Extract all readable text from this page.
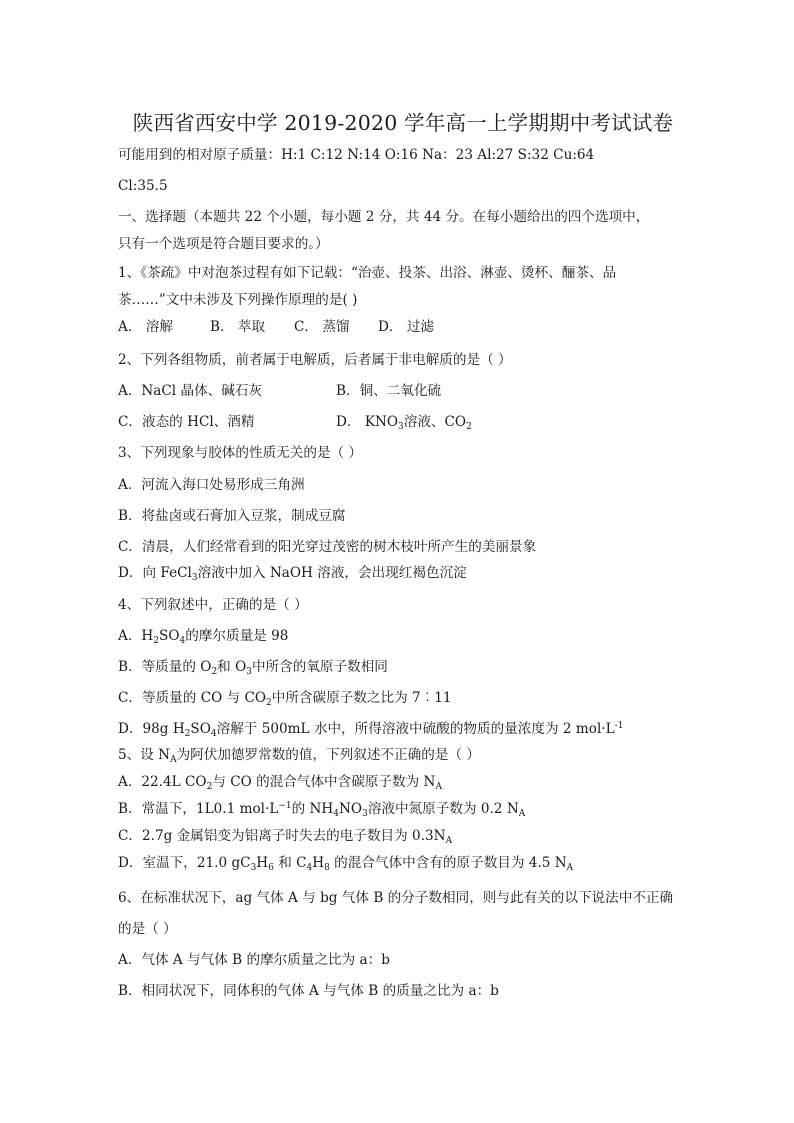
陕西省西安中学 2019-2020 学年高一上学期期中考试试卷
可能用到的相对原子质量：H:1 C:12 N:14 O:16 Na：23 Al:27 S:32 Cu:64
Cl:35.5
一、选择题（本题共 22 个小题，每小题 2 分，共 44 分。在每小题给出的四个选项中，
只有一个选项是符合题目要求的。）
1、《茶疏》中对泡茶过程有如下记载：“治壶、投茶、出浴、淋壶、烫杯、酾茶、品
茶……”文中未涉及下列操作原理的是( )
A． 溶解	B． 萃取 C． 蒸馏 D． 过滤
2、下列各组物质，前者属于电解质，后者属于非电解质的是（ ）
A．NaCl 晶体、碱石灰	B．铜、二氧化硫
C．液态的 HCl、酒精	D． $KNO_3$溶液、$CO_2$
3、下列现象与胶体的性质无关的是（ ）
A．河流入海口处易形成三角洲
B．将盐卤或石膏加入豆浆，制成豆腐
C．清晨，人们经常看到的阳光穿过茂密的树木枝叶所产生的美丽景象
D．向 FeCl$_3$溶液中加入 NaOH 溶液，会出现红褐色沉淀
4、下列叙述中，正确的是（ ）
A．$H_2SO_4$的摩尔质量是 98
B．等质量的 $O_2$和 $O_3$中所含的氧原子数相同
C．等质量的 CO 与 $CO_2$中所含碳原子数之比为 7︰11
D．98g $H_2SO_4$溶解于 500mL 水中，所得溶液中硫酸的物质的量浓度为 2 $mol\cdot L^{-1}$
5、设 $N_A$为阿伏加德罗常数的值，下列叙述不正确的是（ ）
A．22.4L $CO_2$与 CO 的混合气体中含碳原子数为 $N_A$
B．常温下，1L0.1 $mol\cdot L^{-1}$的 $NH_4NO_3$溶液中氮原子数为 0.2 $N_A$
C．2.7g 金属铝变为铝离子时失去的电子数目为 $0.3N_A$
D．室温下，21.0 $gC_3H_6$ 和 $C_4H_8$ 的混合气体中含有的原子数目为 4.5 $N_A$
6、在标准状况下，ag 气体 A 与 bg 气体 B 的分子数相同，则与此有关的以下说法中不正确
的是（ ）
A．气体 A 与气体 B 的摩尔质量之比为 a：b
B．相同状况下，同体积的气体 A 与气体 B 的质量之比为 a：b
